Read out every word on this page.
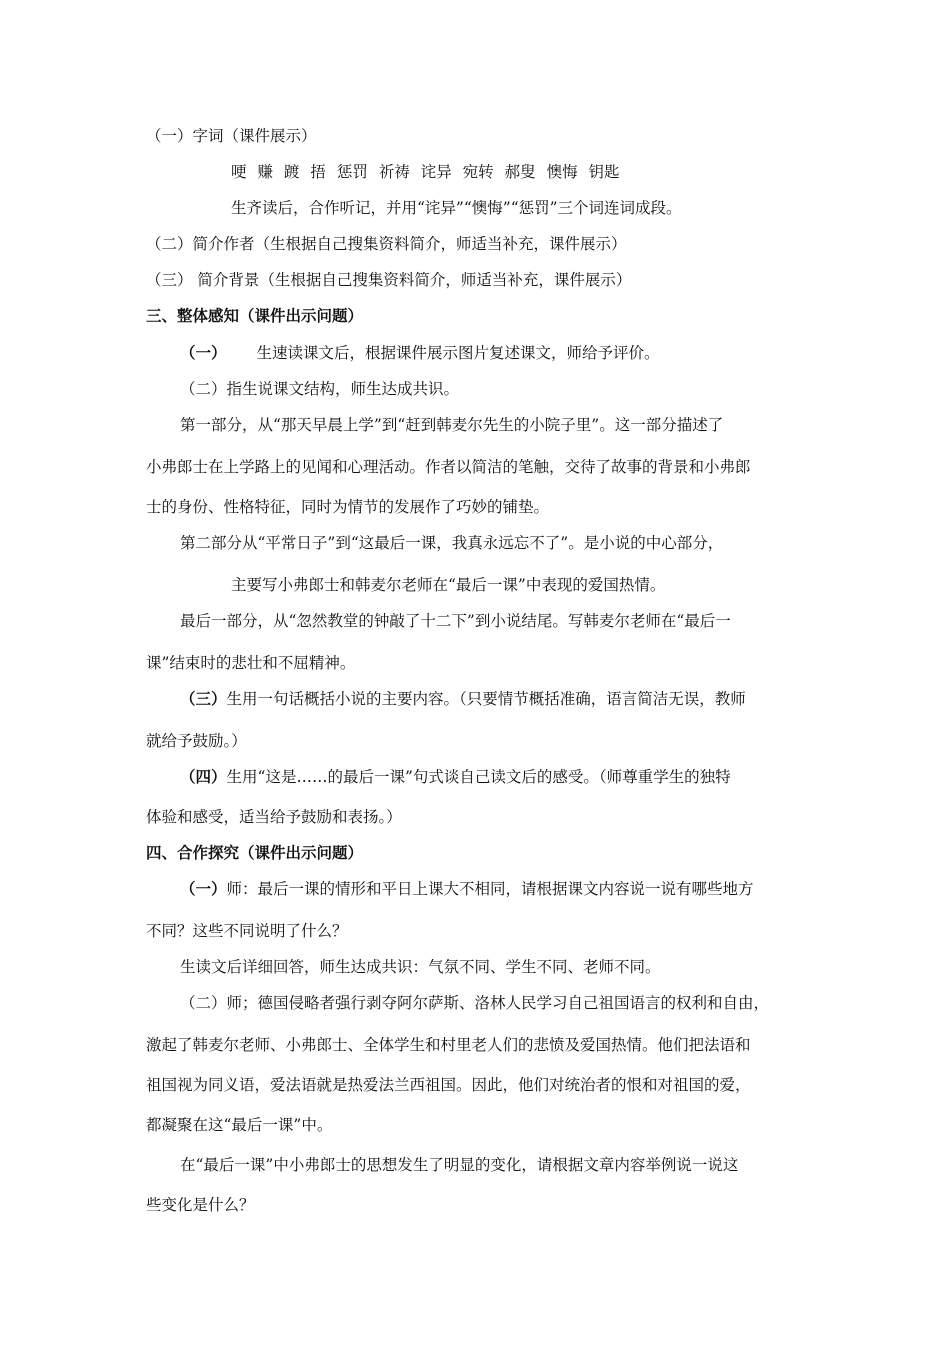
（一）字词（课件展示）
哽 赚 踱 捂 惩罚 祈祷 诧异 宛转 郝叟 懊悔 钥匙
生齐读后，合作听记，并用“诧异”“懊悔”“惩罚”三个词连词成段。
（二）简介作者（生根据自己搜集资料简介，师适当补充，课件展示）
（三） 简介背景（生根据自己搜集资料简介，师适当补充，课件展示）
三、整体感知（课件出示问题）
（一） 生速读课文后，根据课件展示图片复述课文，师给予评价。
（二）指生说课文结构，师生达成共识。
第一部分，从“那天早晨上学”到“赶到韩麦尔先生的小院子里”。这一部分描述了
小弗郎士在上学路上的见闻和心理活动。作者以简洁的笔触，交待了故事的背景和小弗郎
士的身份、性格特征，同时为情节的发展作了巧妙的铺垫。
第二部分从“平常日子”到“这最后一课，我真永远忘不了”。是小说的中心部分，
主要写小弗郎士和韩麦尔老师在“最后一课”中表现的爱国热情。
最后一部分，从“忽然教堂的钟敲了十二下”到小说结尾。写韩麦尔老师在“最后一
课”结束时的悲壮和不屈精神。
（三）生用一句话概括小说的主要内容。（只要情节概括准确，语言简洁无误，教师
就给予鼓励。）
（四）生用“这是……的最后一课”句式谈自己读文后的感受。（师尊重学生的独特
体验和感受，适当给予鼓励和表扬。）
四、合作探究（课件出示问题）
（一）师：最后一课的情形和平日上课大不相同，请根据课文内容说一说有哪些地方
不同？这些不同说明了什么？
生读文后详细回答，师生达成共识：气氛不同、学生不同、老师不同。
（二）师；德国侵略者强行剥夺阿尔萨斯、洛林人民学习自己祖国语言的权利和自由，
激起了韩麦尔老师、小弗郎士、全体学生和村里老人们的悲愤及爱国热情。他们把法语和
祖国视为同义语，爱法语就是热爱法兰西祖国。因此，他们对统治者的恨和对祖国的爱，
都凝聚在这“最后一课”中。
在“最后一课”中小弗郎士的思想发生了明显的变化，请根据文章内容举例说一说这
些变化是什么？
